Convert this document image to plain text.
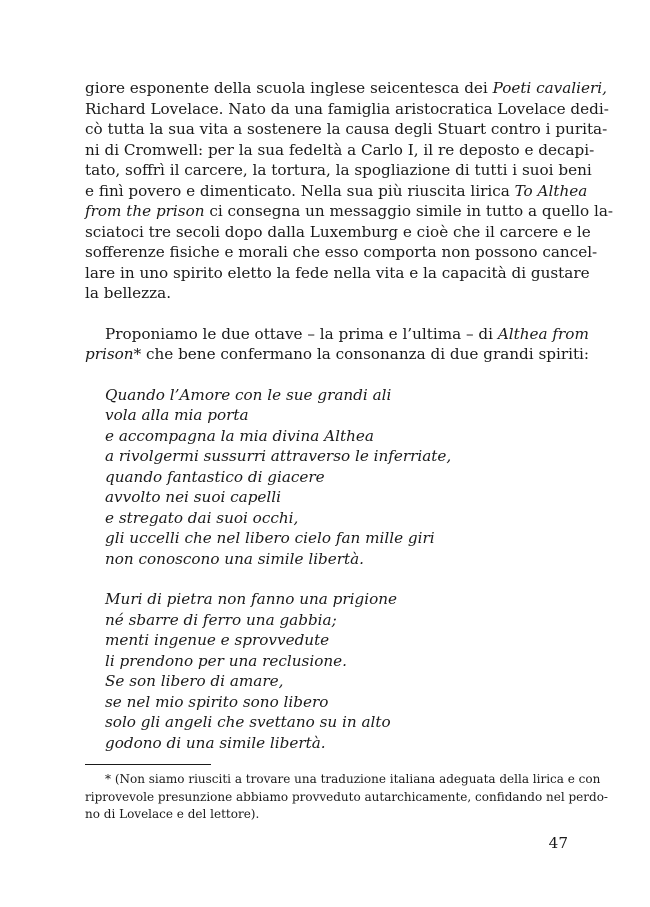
giore esponente della scuola inglese seicentesca dei Poeti cavalieri,
Richard Lovelace. Nato da una famiglia aristocratica Lovelace dedi-
cò tutta la sua vita a sostenere la causa degli Stuart contro i purita-
ni di Cromwell: per la sua fedeltà a Carlo I, il re deposto e decapi-
tato, soffrì il carcere, la tortura, la spogliazione di tutti i suoi beni
e finì povero e dimenticato. Nella sua più riuscita lirica To Althea
from the prison ci consegna un messaggio simile in tutto a quello la-
sciatoci tre secoli dopo dalla Luxemburg e cioè che il carcere e le
sofferenze fisiche e morali che esso comporta non possono cancel-
lare in uno spirito eletto la fede nella vita e la capacità di gustare
la bellezza.
Proponiamo le due ottave – la prima e l’ultima – di Althea from
prison* che bene confermano la consonanza di due grandi spiriti:
Quando l’Amore con le sue grandi ali
vola alla mia porta
e accompagna la mia divina Althea
a rivolgermi sussurri attraverso le inferriate,
quando fantastico di giacere
avvolto nei suoi capelli
e stregato dai suoi occhi,
gli uccelli che nel libero cielo fan mille giri
non conoscono una simile libertà.
Muri di pietra non fanno una prigione
né sbarre di ferro una gabbia;
menti ingenue e sprovvedute
li prendono per una reclusione.
Se son libero di amare,
se nel mio spirito sono libero
solo gli angeli che svettano su in alto
godono di una simile libertà.
* (Non siamo riusciti a trovare una traduzione italiana adeguata della lirica e con
riprovevole presunzione abbiamo provveduto autarchicamente, confidando nel perdo-
no di Lovelace e del lettore).
47
